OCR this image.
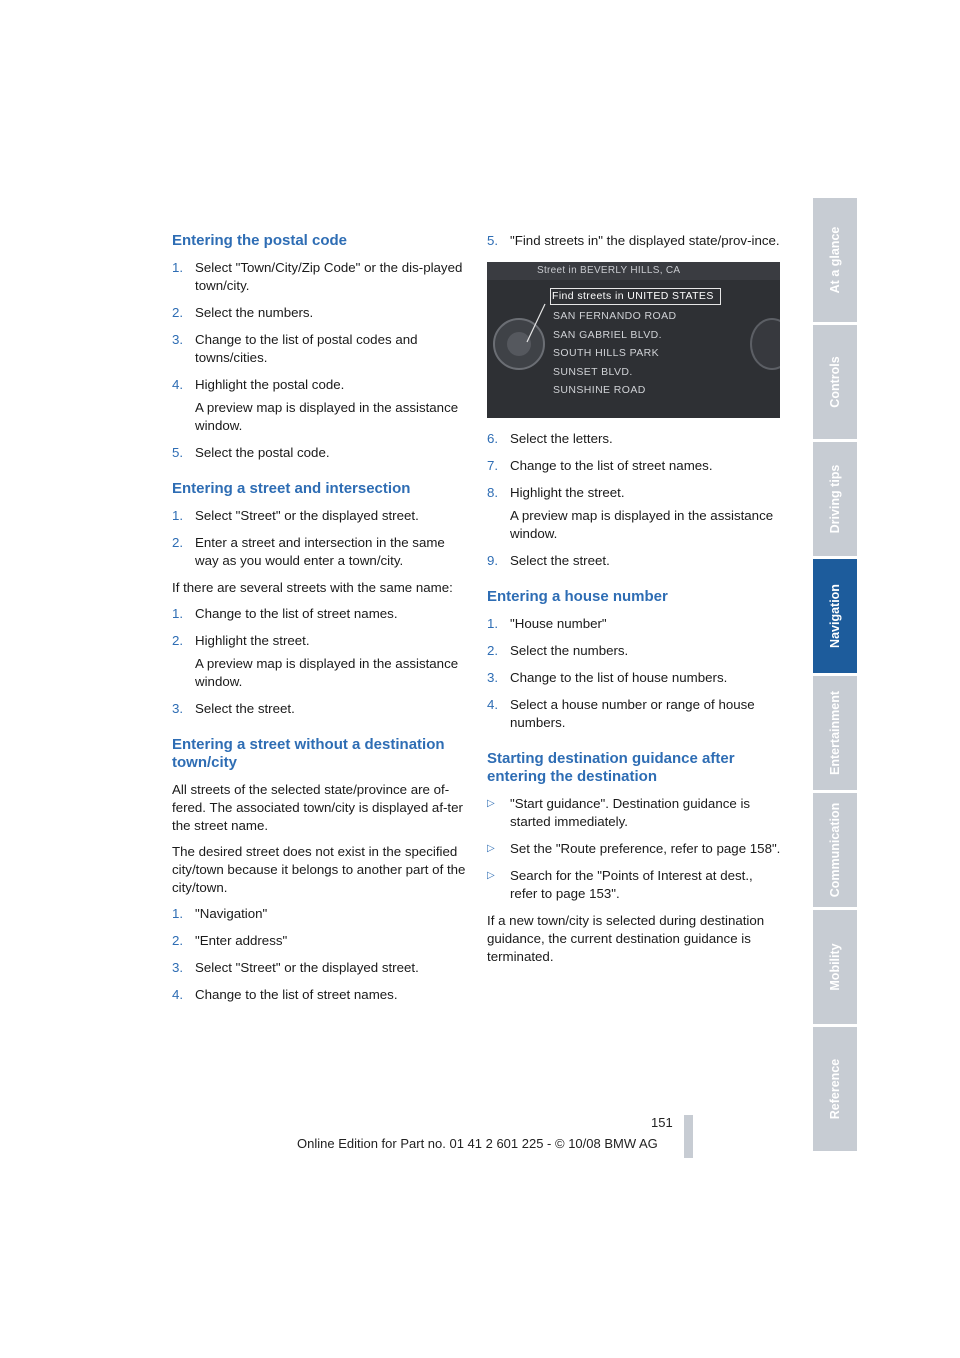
Entering the postal code
1. Select "Town/City/Zip Code" or the dis-played town/city.
2. Select the numbers.
3. Change to the list of postal codes and towns/cities.
4. Highlight the postal code.
A preview map is displayed in the assistance window.
5. Select the postal code.
Entering a street and intersection
1. Select "Street" or the displayed street.
2. Enter a street and intersection in the same way as you would enter a town/city.

If there are several streets with the same name:

1. Change to the list of street names.
2. Highlight the street.
A preview map is displayed in the assistance window.
3. Select the street.
Entering a street without a destination town/city

All streets of the selected state/province are of-fered. The associated town/city is displayed af-ter the street name.

The desired street does not exist in the specified city/town because it belongs to another part of the city/town.

1. "Navigation"
2. "Enter address"
3. Select "Street" or the displayed street.
4. Change to the list of street names.
5. "Find streets in" the displayed state/prov-ince.
Street in BEVERLY HILLS, CA
Find streets in UNITED STATES
SAN FERNANDO ROAD
SAN GABRIEL BLVD.
SOUTH HILLS PARK
SUNSET BLVD.
SUNSHINE ROAD
6. Select the letters.
7. Change to the list of street names.
8. Highlight the street.
A preview map is displayed in the assistance window.
9. Select the street.
Entering a house number
1. "House number"
2. Select the numbers.
3. Change to the list of house numbers.
4. Select a house number or range of house numbers.
Starting destination guidance after entering the destination
▷ "Start guidance". Destination guidance is started immediately.
▷ Set the "Route preference, refer to page 158".
▷ Search for the "Points of Interest at dest., refer to page 153".

If a new town/city is selected during destination guidance, the current destination guidance is terminated.

At a glance
Controls
Driving tips
Navigation
Entertainment
Communication
Mobility
Reference
151
Online Edition for Part no. 01 41 2 601 225 - © 10/08 BMW AG
